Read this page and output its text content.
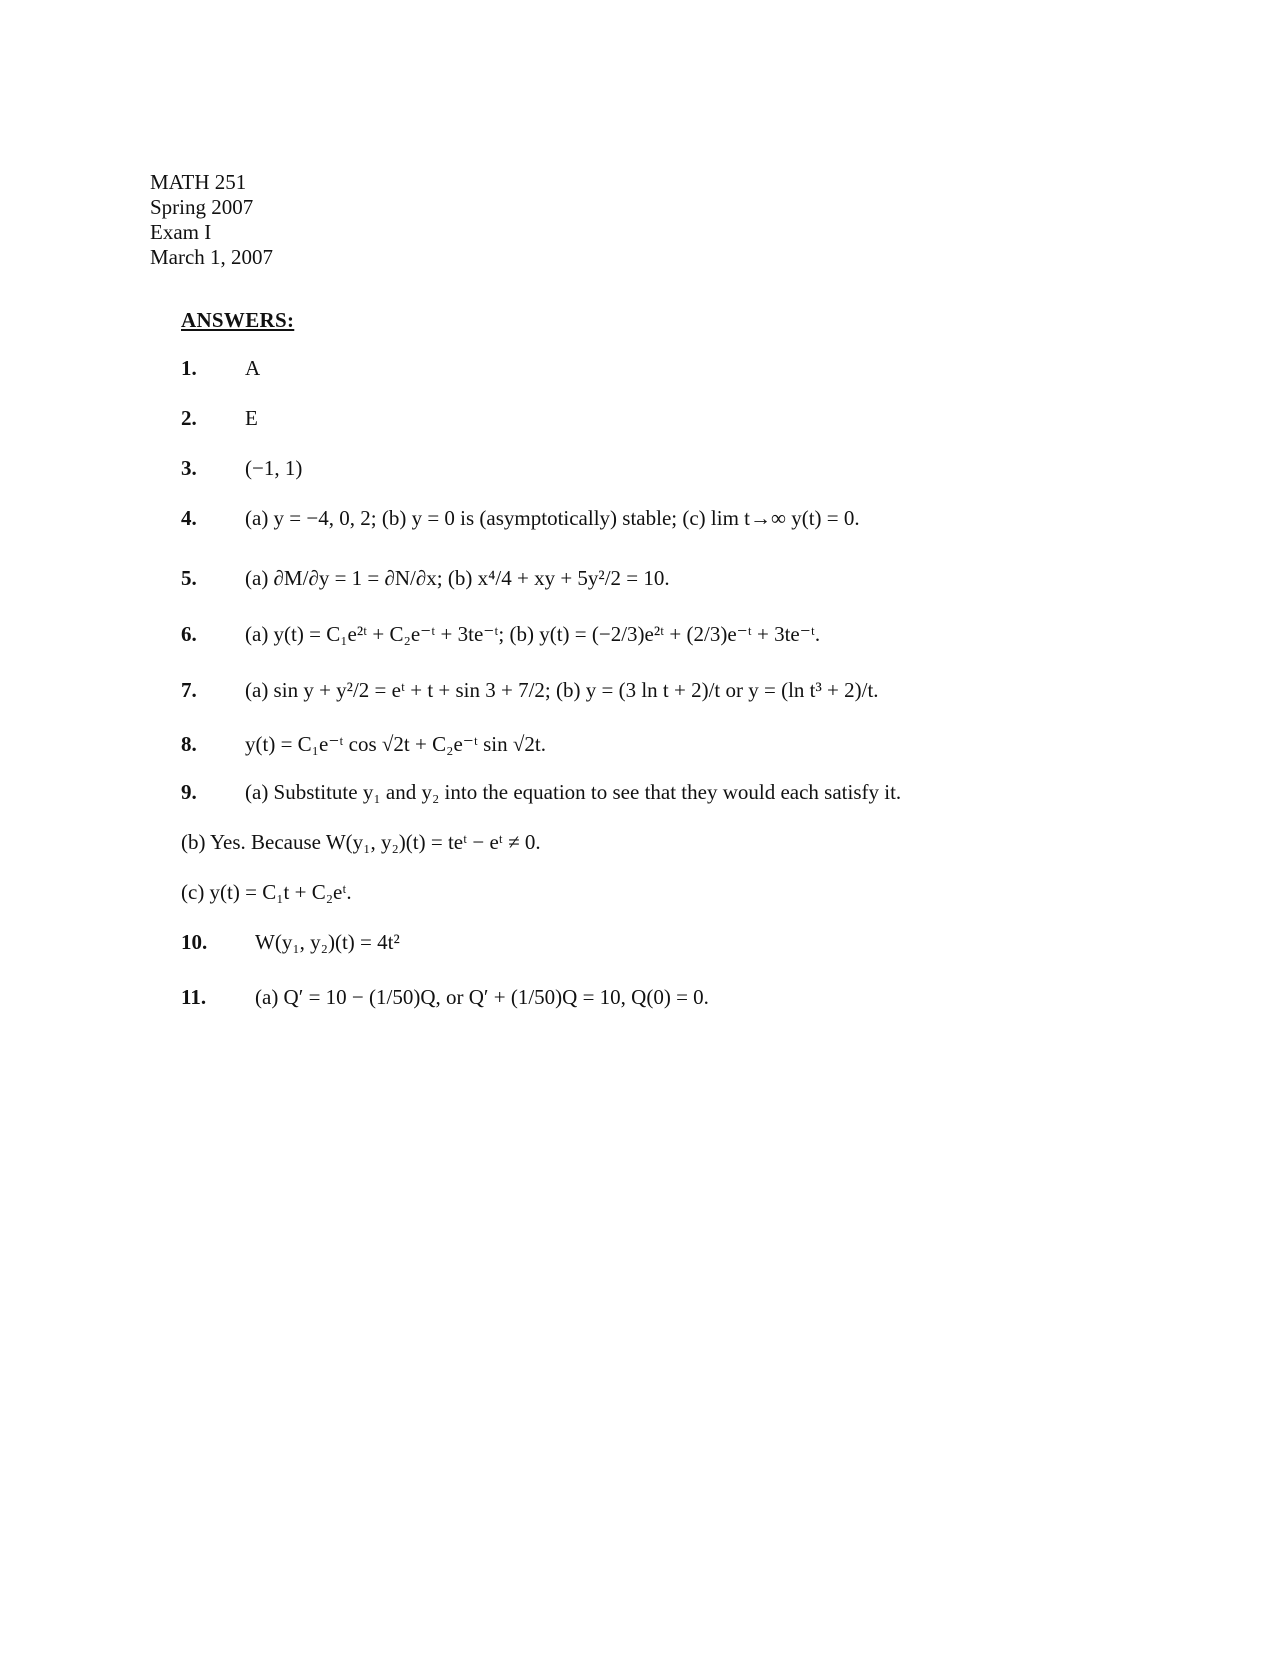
MATH 251
Spring 2007
Exam I
March 1, 2007
ANSWERS:
1. A
2. E
3. (−1, 1)
4. (a) y = −4, 0, 2; (b) y = 0 is (asymptotically) stable; (c) lim t→∞ y(t) = 0.
5. (a) ∂M/∂y = 1 = ∂N/∂x; (b) x⁴/4 + xy + 5y²/2 = 10.
6. (a) y(t) = C₁e²ᵗ + C₂e⁻ᵗ + 3te⁻ᵗ; (b) y(t) = (−2/3)e²ᵗ + (2/3)e⁻ᵗ + 3te⁻ᵗ.
7. (a) sin y + y²/2 = eᵗ + t + sin 3 + 7/2; (b) y = (3 ln t + 2)/t or y = (ln t³ + 2)/t.
8. y(t) = C₁e⁻ᵗ cos √2t + C₂e⁻ᵗ sin √2t.
9. (a) Substitute y₁ and y₂ into the equation to see that they would each satisfy it.
(b) Yes. Because W(y₁, y₂)(t) = teᵗ − eᵗ ≠ 0.
(c) y(t) = C₁t + C₂eᵗ.
10. W(y₁, y₂)(t) = 4t²
11. (a) Q′ = 10 − (1/50)Q, or Q′ + (1/50)Q = 10, Q(0) = 0.
